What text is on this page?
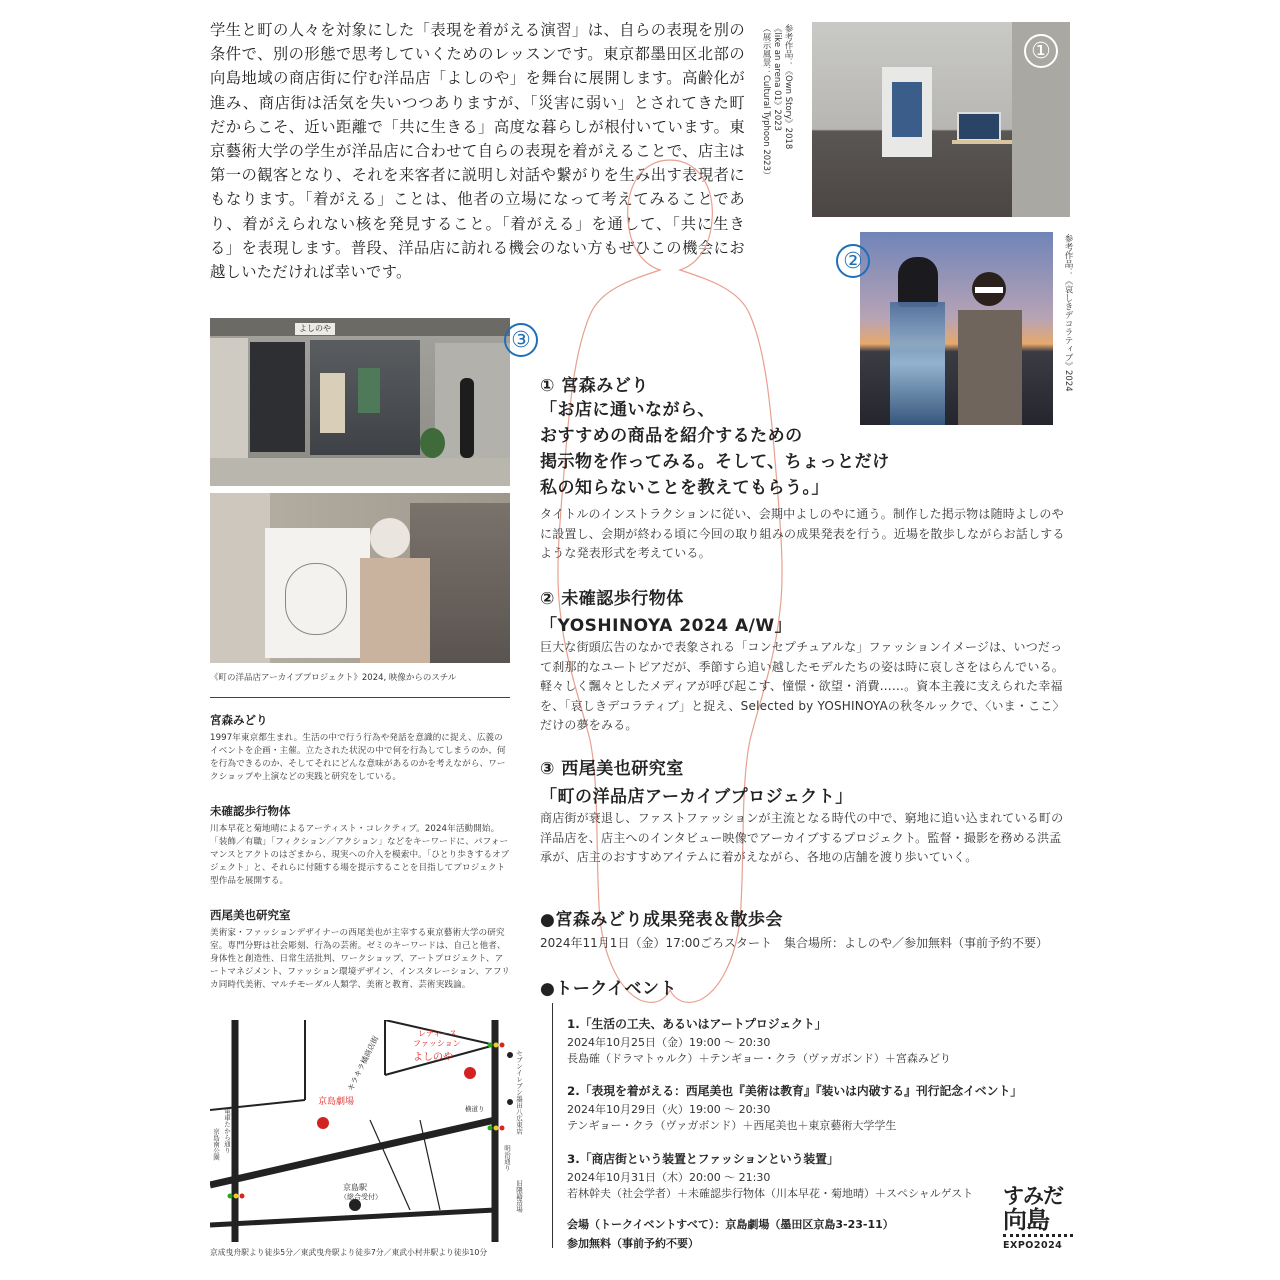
学生と町の人々を対象にした「表現を着がえる演習」は、自らの表現を別の条件で、別の形態で思考していくためのレッスンです。東京都墨田区北部の向島地域の商店街に佇む洋品店「よしのや」を舞台に展開します。高齢化が進み、商店街は活気を失いつつありますが、「災害に弱い」とされてきた町だからこそ、近い距離で「共に生きる」高度な暮らしが根付いています。東京藝術大学の学生が洋品店に合わせて自らの表現を着がえることで、店主は第一の観客となり、それを来客者に説明し対話や繋がりを生み出す表現者にもなります。「着がえる」ことは、他者の立場になって考えてみることであり、着がえられない核を発見すること。「着がえる」を通して、「共に生きる」を表現します。普段、洋品店に訪れる機会のない方もぜひこの機会にお越しいただければ幸いです。
①
参考作品：《Own Story》2018
《like an arena 01》2023
（展示風景：Cultural Typhoon 2023）
②	参考作品：《哀しきデコラティブ》2024
よしのや	③
《町の洋品店アーカイブプロジェクト》2024, 映像からのスチル
① 宮森みどり
「お店に通いながら、
おすすめの商品を紹介するための
掲示物を作ってみる。そして、ちょっとだけ
私の知らないことを教えてもらう。」
タイトルのインストラクションに従い、会期中よしのやに通う。制作した掲示物は随時よしのやに設置し、会期が終わる頃に今回の取り組みの成果発表を行う。近場を散歩しながらお話しするような発表形式を考えている。
② 未確認歩行物体
「YOSHINOYA 2024 A/W」
巨大な街頭広告のなかで表象される「コンセプチュアルな」ファッションイメージは、いつだって刹那的なユートピアだが、季節すら追い越したモデルたちの姿は時に哀しさをはらんでいる。軽々しく飄々としたメディアが呼び起こす、憧憬・欲望・消費……。資本主義に支えられた幸福を、「哀しきデコラティブ」と捉え、Selected by YOSHINOYAの秋冬ルックで、〈いま・ここ〉だけの夢をみる。
③ 西尾美也研究室
「町の洋品店アーカイブプロジェクト」
商店街が衰退し、ファストファッションが主流となる時代の中で、窮地に追い込まれている町の洋品店を、店主へのインタビュー映像でアーカイブするプロジェクト。監督・撮影を務める洪孟承が、店主のおすすめアイテムに着がえながら、各地の店舗を渡り歩いていく。
●宮森みどり成果発表＆散歩会
2024年11月1日（金）17:00ごろスタート　集合場所：よしのや／参加無料（事前予約不要）
●トークイベント
1.「生活の工夫、あるいはアートプロジェクト」
2024年10月25日（金）19:00 〜 20:30
長島確（ドラマトゥルク）＋テンギョー・クラ（ヴァガボンド）＋宮森みどり
2.「表現を着がえる：西尾美也『美術は教育』『装いは内破する』刊行記念イベント」
2024年10月29日（火）19:00 〜 20:30
テンギョー・クラ（ヴァガボンド）＋西尾美也＋東京藝術大学学生
3.「商店街という装置とファッションという装置」
2024年10月31日（木）20:00 〜 21:30
若林幹夫（社会学者）＋未確認歩行物体（川本早花・菊地晴）＋スペシャルゲスト
会場（トークイベントすべて）：京島劇場（墨田区京島3-23-11）
参加無料（事前予約不要）
宮森みどり
1997年東京都生まれ。生活の中で行う行為や発話を意識的に捉え、広義のイベントを企画・主催。立たされた状況の中で何を行為してしまうのか、何を行為できるのか、そしてそれにどんな意味があるのかを考えながら、ワークショップや上演などの実践と研究をしている。
未確認歩行物体
川本早花と菊地晴によるアーティスト・コレクティブ。2024年活動開始。「装飾／有職」「フィクション／アクション」などをキーワードに、パフォーマンスとアクトのはざまから、現実への介入を模索中。「ひとり歩きするオブジェクト」と、それらに付随する場を提示することを目指してプロジェクト型作品を展開する。
西尾美也研究室
美術家・ファッションデザイナーの西尾美也が主宰する東京藝術大学の研究室。専門分野は社会彫刻、行為の芸術。ゼミのキーワードは、自己と他者、身体性と創造性、日常生活批判、ワークショップ、アートプロジェクト、アートマネジメント、ファッション環境デザイン、インスタレーション、アフリカ同時代美術、マルチモーダル人類学、美術と教育、芸術実践論。
レディース
ファッション
よしのや
京島劇場
キラキラ橘商店街
京島駅
（総合受付）
横道り	セブンイレブン墨田八広東店
明治通り
旧隈籍造場
京島南公園 電車たから通り
京成曳舟駅より徒歩5分／東武曳舟駅より徒歩7分／東武小村井駅より徒歩10分
すみだ
向島
EXPO2024
